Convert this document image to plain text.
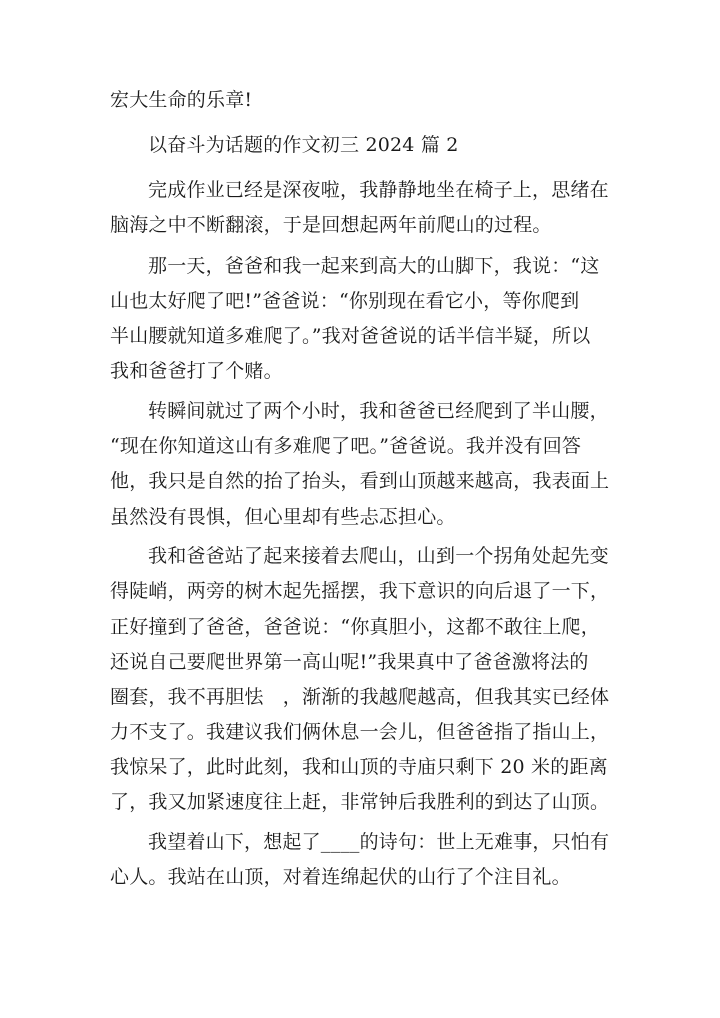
宏大生命的乐章!
以奋斗为话题的作文初三 2024 篇 2
完成作业已经是深夜啦，我静静地坐在椅子上，思绪在
脑海之中不断翻滚，于是回想起两年前爬山的过程。
那一天，爸爸和我一起来到高大的山脚下，我说：“这
山也太好爬了吧!”爸爸说：“你别现在看它小，等你爬到
半山腰就知道多难爬了。”我对爸爸说的话半信半疑，所以
我和爸爸打了个赌。
转瞬间就过了两个小时，我和爸爸已经爬到了半山腰，
“现在你知道这山有多难爬了吧。”爸爸说。我并没有回答
他，我只是自然的抬了抬头，看到山顶越来越高，我表面上
虽然没有畏惧，但心里却有些忐忑担心。
我和爸爸站了起来接着去爬山，山到一个拐角处起先变
得陡峭，两旁的树木起先摇摆，我下意识的向后退了一下，
正好撞到了爸爸，爸爸说：“你真胆小，这都不敢往上爬，
还说自己要爬世界第一高山呢!”我果真中了爸爸激将法的
圈套，我不再胆怯　，渐渐的我越爬越高，但我其实已经体
力不支了。我建议我们俩休息一会儿，但爸爸指了指山上，
我惊呆了，此时此刻，我和山顶的寺庙只剩下 20 米的距离
了，我又加紧速度往上赶，非常钟后我胜利的到达了山顶。
我望着山下，想起了____的诗句：世上无难事，只怕有
心人。我站在山顶，对着连绵起伏的山行了个注目礼。
